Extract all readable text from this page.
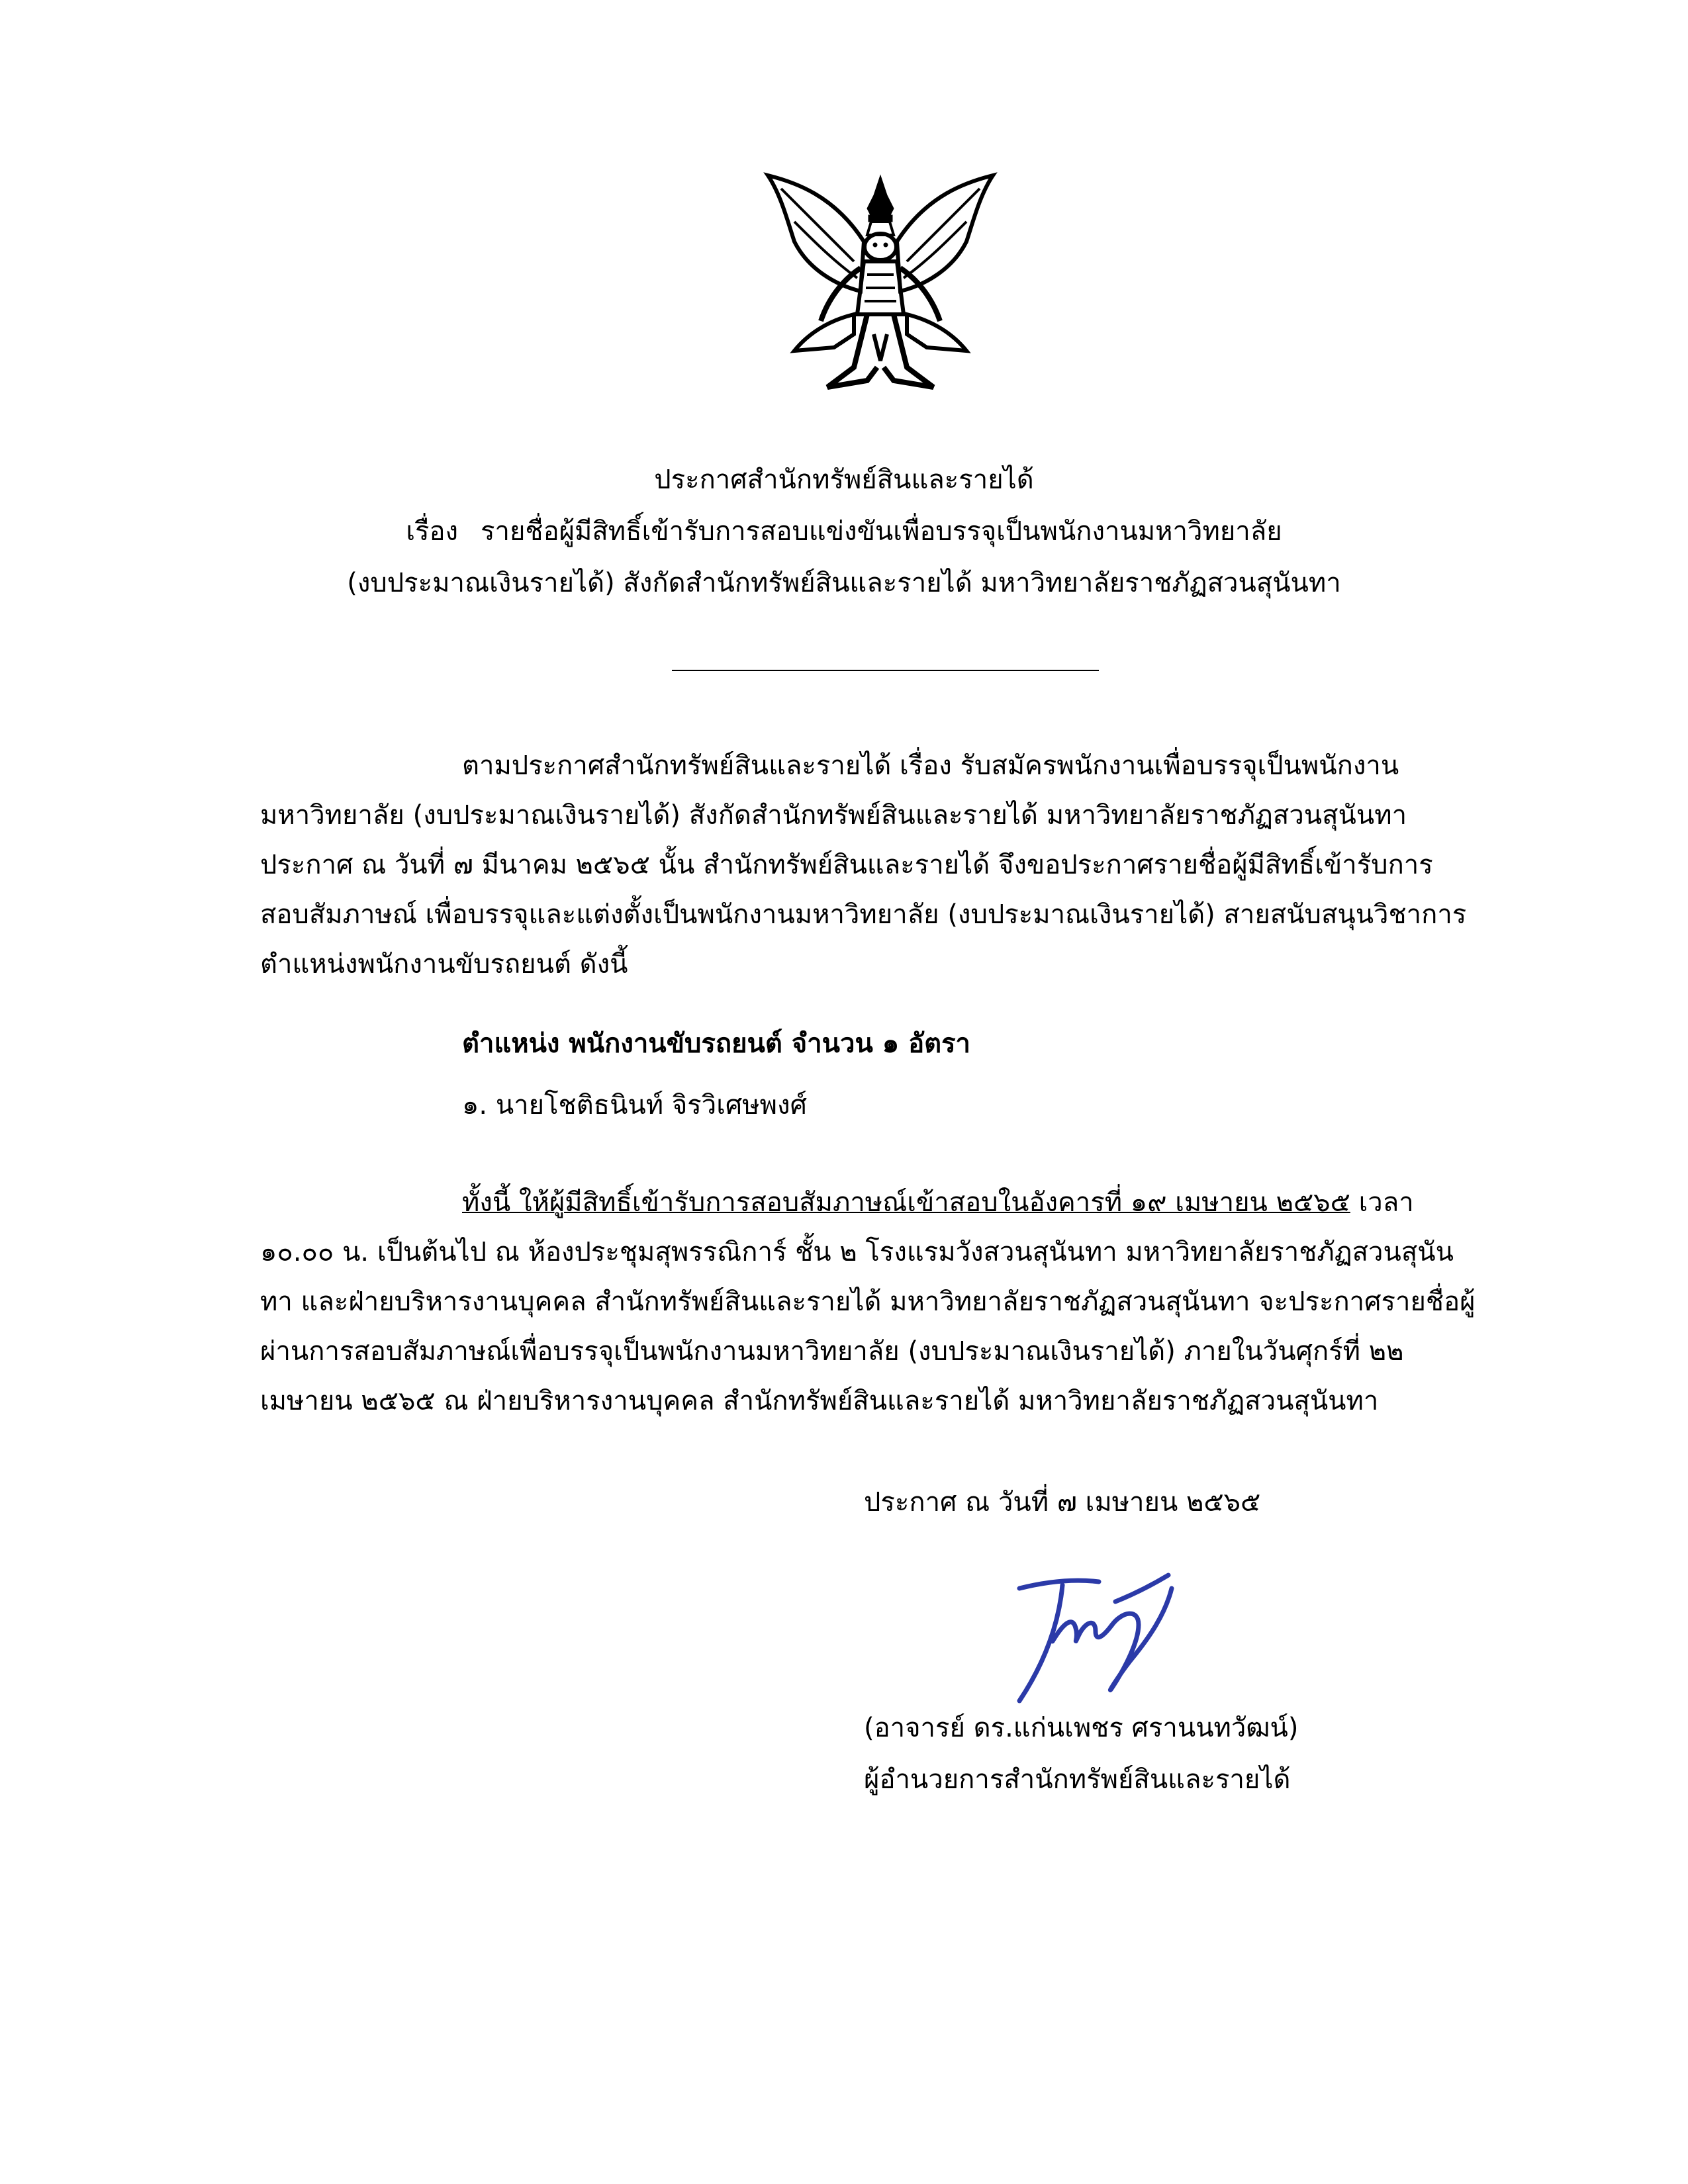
ประกาศสำนักทรัพย์สินและรายได้
เรื่อง รายชื่อผู้มีสิทธิ์เข้ารับการสอบแข่งขันเพื่อบรรจุเป็นพนักงานมหาวิทยาลัย
(งบประมาณเงินรายได้) สังกัดสำนักทรัพย์สินและรายได้ มหาวิทยาลัยราชภัฏสวนสุนันทา
ตามประกาศสำนักทรัพย์สินและรายได้ เรื่อง รับสมัครพนักงานเพื่อบรรจุเป็นพนักงาน
มหาวิทยาลัย (งบประมาณเงินรายได้) สังกัดสำนักทรัพย์สินและรายได้ มหาวิทยาลัยราชภัฏสวนสุนันทา
ประกาศ ณ วันที่ ๗ มีนาคม ๒๕๖๕ นั้น สำนักทรัพย์สินและรายได้ จึงขอประกาศรายชื่อผู้มีสิทธิ์เข้ารับการ
สอบสัมภาษณ์ เพื่อบรรจุและแต่งตั้งเป็นพนักงานมหาวิทยาลัย (งบประมาณเงินรายได้) สายสนับสนุนวิชาการ
ตำแหน่งพนักงานขับรถยนต์ ดังนี้
ตำแหน่ง พนักงานขับรถยนต์ จำนวน ๑ อัตรา
๑. นายโชติธนินท์ จิรวิเศษพงศ์
ทั้งนี้ ให้ผู้มีสิทธิ์เข้ารับการสอบสัมภาษณ์เข้าสอบในอังคารที่ ๑๙ เมษายน ๒๕๖๕ เวลา
๑๐.๐๐ น. เป็นต้นไป ณ ห้องประชุมสุพรรณิการ์ ชั้น ๒ โรงแรมวังสวนสุนันทา มหาวิทยาลัยราชภัฏสวนสุนัน
ทา และฝ่ายบริหารงานบุคคล สำนักทรัพย์สินและรายได้ มหาวิทยาลัยราชภัฏสวนสุนันทา จะประกาศรายชื่อผู้
ผ่านการสอบสัมภาษณ์เพื่อบรรจุเป็นพนักงานมหาวิทยาลัย (งบประมาณเงินรายได้) ภายในวันศุกร์ที่ ๒๒
เมษายน ๒๕๖๕ ณ ฝ่ายบริหารงานบุคคล สำนักทรัพย์สินและรายได้ มหาวิทยาลัยราชภัฏสวนสุนันทา
ประกาศ ณ วันที่ ๗ เมษายน ๒๕๖๕
(อาจารย์ ดร.แก่นเพชร ศรานนทวัฒน์)
ผู้อำนวยการสำนักทรัพย์สินและรายได้
